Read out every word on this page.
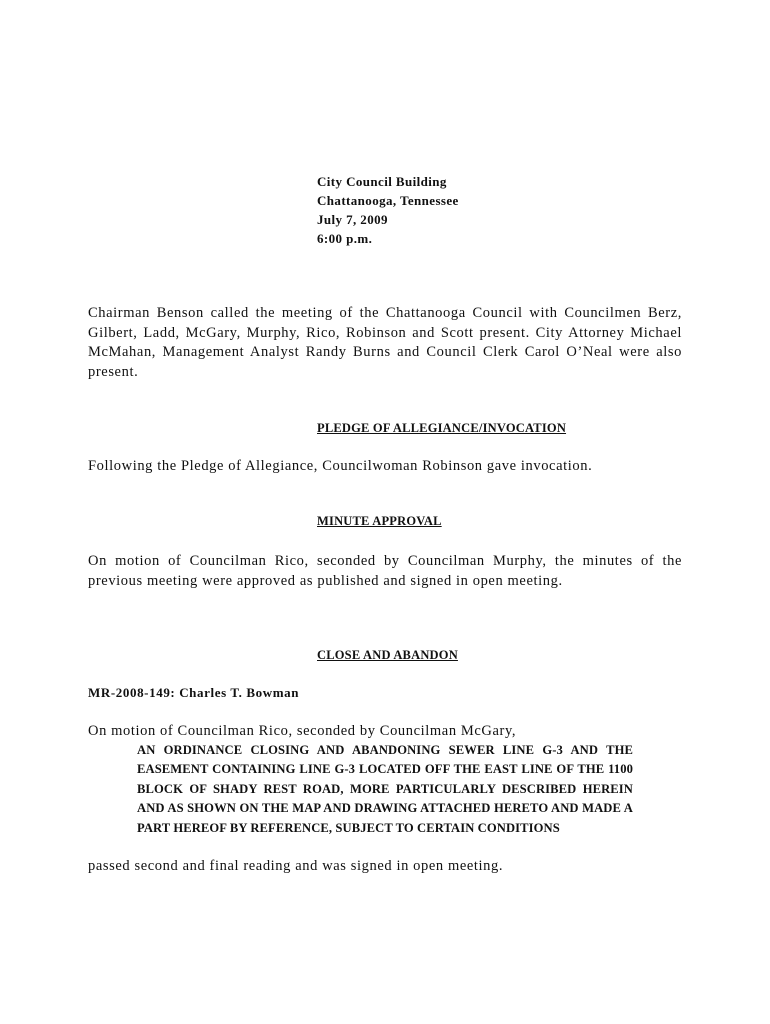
City Council Building
Chattanooga, Tennessee
July 7, 2009
6:00 p.m.
Chairman Benson called the meeting of the Chattanooga Council with Councilmen Berz, Gilbert, Ladd, McGary, Murphy, Rico, Robinson and Scott present. City Attorney Michael McMahan, Management Analyst Randy Burns and Council Clerk Carol O’Neal were also present.
PLEDGE OF ALLEGIANCE/INVOCATION
Following the Pledge of Allegiance, Councilwoman Robinson gave invocation.
MINUTE APPROVAL
On motion of Councilman Rico, seconded by Councilman Murphy, the minutes of the previous meeting were approved as published and signed in open meeting.
CLOSE AND ABANDON
MR-2008-149: Charles T. Bowman
On motion of Councilman Rico, seconded by Councilman McGary,
AN ORDINANCE CLOSING AND ABANDONING SEWER LINE G-3 AND THE EASEMENT CONTAINING LINE G-3 LOCATED OFF THE EAST LINE OF THE 1100 BLOCK OF SHADY REST ROAD, MORE PARTICULARLY DESCRIBED HEREIN AND AS SHOWN ON THE MAP AND DRAWING ATTACHED HERETO AND MADE A PART HEREOF BY REFERENCE, SUBJECT TO CERTAIN CONDITIONS
passed second and final reading and was signed in open meeting.
